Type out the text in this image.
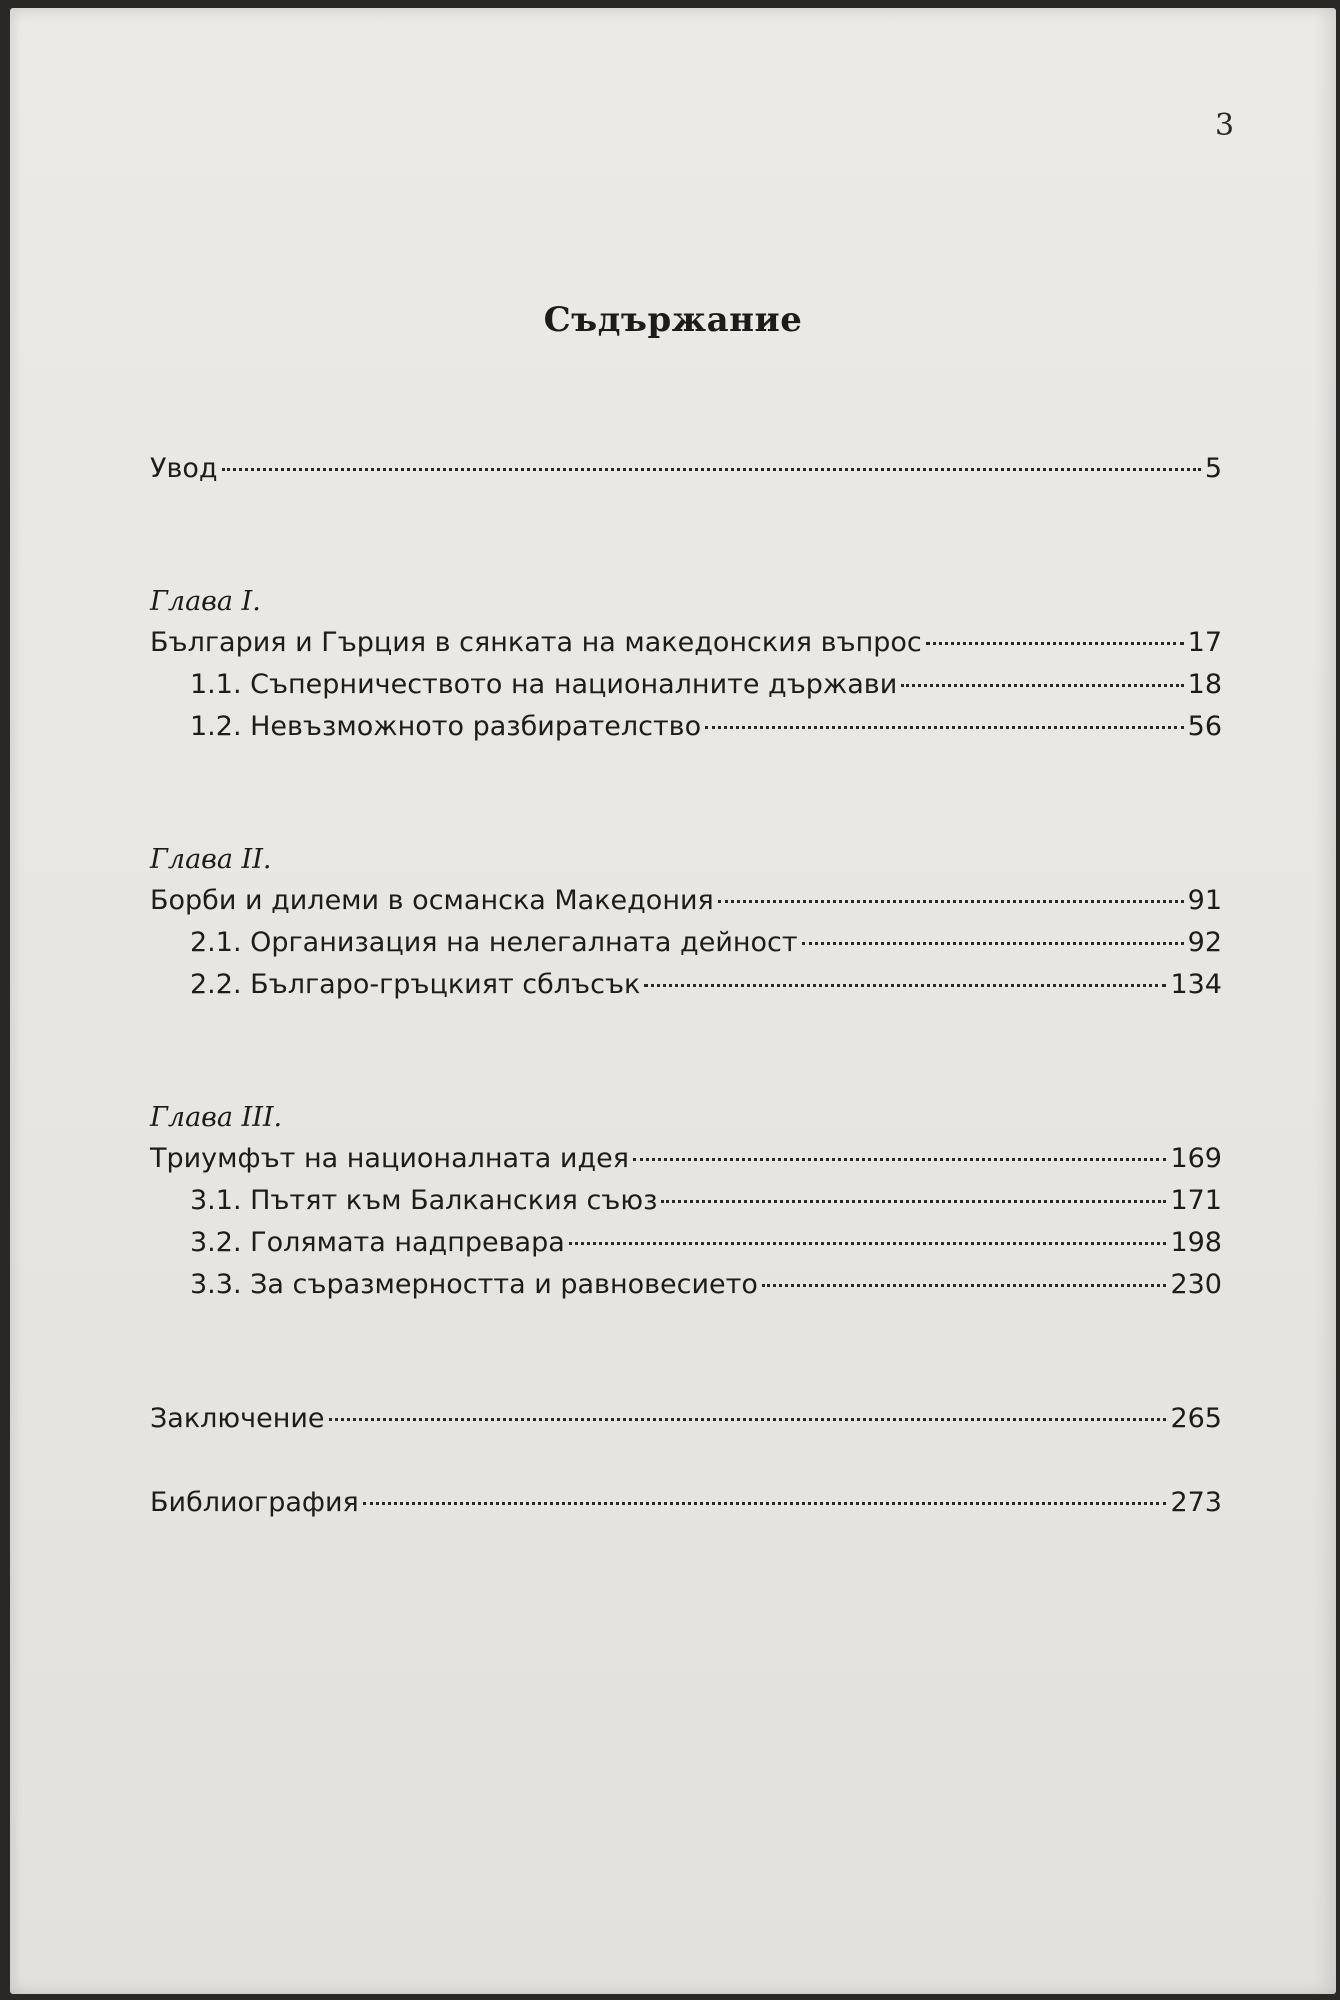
3
Съдържание
Увод	5
Глава I.
България и Гърция в сянката на македонския въпрос	17
1.1. Съперничеството на националните държави	18
1.2. Невъзможното разбирателство	56
Глава II.
Борби и дилеми в османска Македония	91
2.1. Организация на нелегалната дейност	92
2.2. Българо-гръцкият сблъсък	134
Глава III.
Триумфът на националната идея	169
3.1. Пътят към Балканския съюз	171
3.2. Голямата надпревара	198
3.3. За съразмерността и равновесието	230
Заключение	265
Библиография	273
